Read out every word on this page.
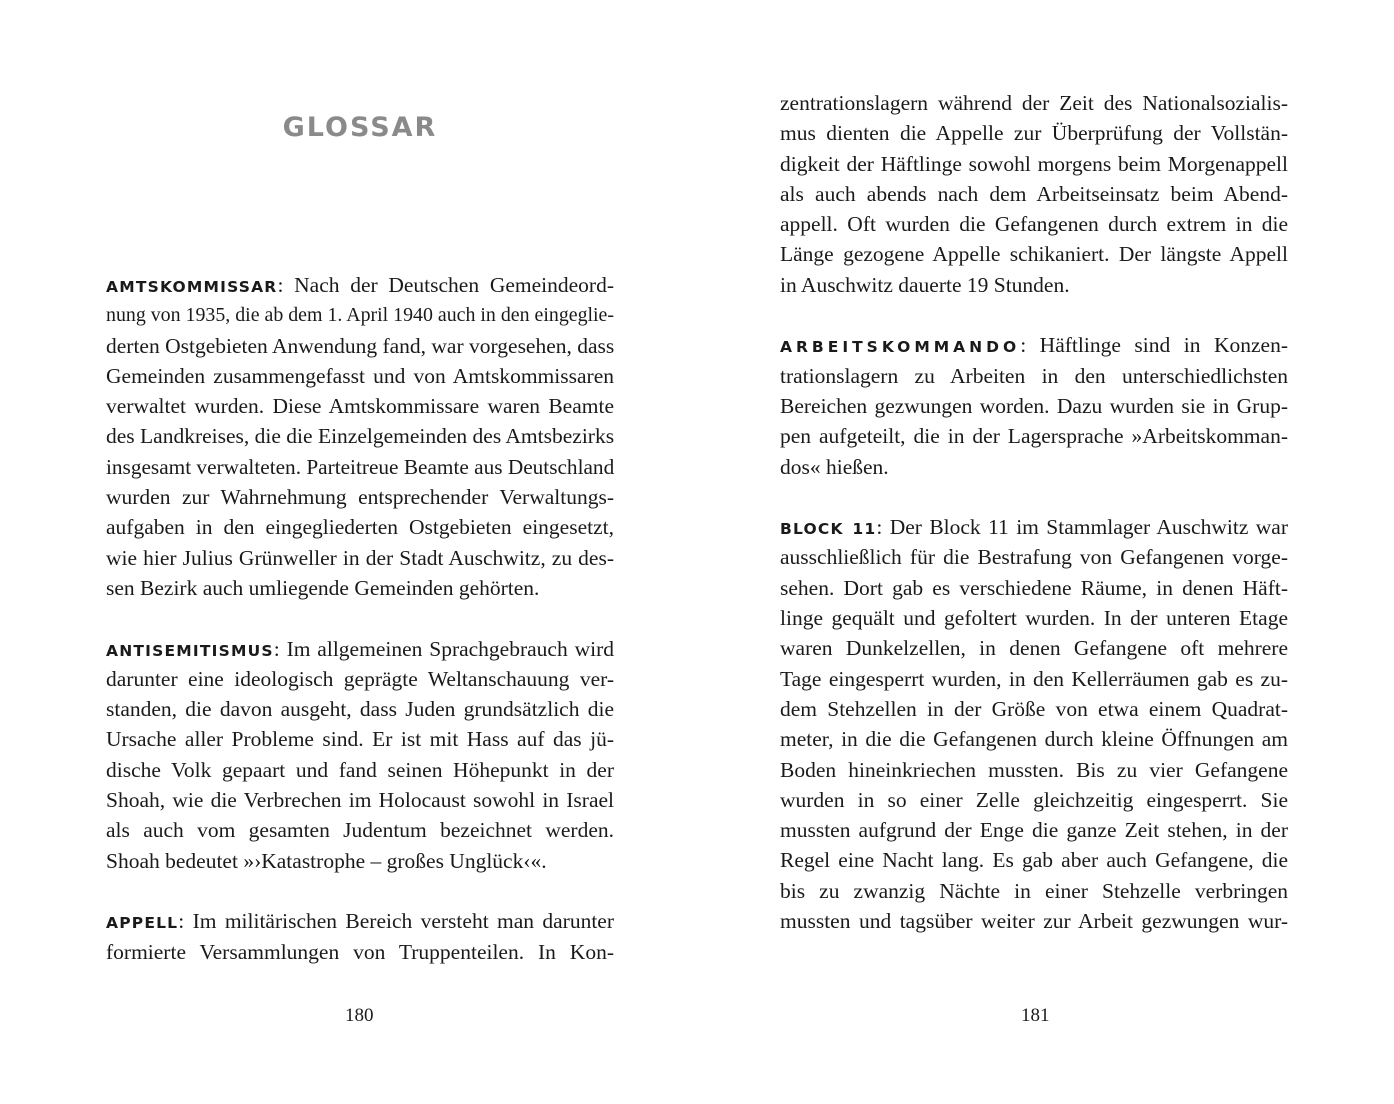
GLOSSAR
AMTSKOMMISSAR: Nach der Deutschen Gemeindeord-
nung von 1935, die ab dem 1. April 1940 auch in den eingeglie-
derten Ostgebieten Anwendung fand, war vorgesehen, dass
Gemeinden zusammengefasst und von Amtskommissaren
verwaltet wurden. Diese Amtskommissare waren Beamte
des Landkreises, die die Einzelgemeinden des Amtsbezirks
insgesamt verwalteten. Parteitreue Beamte aus Deutschland
wurden zur Wahrnehmung entsprechender Verwaltungs-
aufgaben in den eingegliederten Ostgebieten eingesetzt,
wie hier Julius Grünweller in der Stadt Auschwitz, zu des-
sen Bezirk auch umliegende Gemeinden gehörten.
ANTISEMITISMUS: Im allgemeinen Sprachgebrauch wird
darunter eine ideologisch geprägte Weltanschauung ver-
standen, die davon ausgeht, dass Juden grundsätzlich die
Ursache aller Probleme sind. Er ist mit Hass auf das jü-
dische Volk gepaart und fand seinen Höhepunkt in der
Shoah, wie die Verbrechen im Holocaust sowohl in Israel
als auch vom gesamten Judentum bezeichnet werden.
Shoah bedeutet »›Katastrophe – großes Unglück‹«.
APPELL: Im militärischen Bereich versteht man darunter
formierte Versammlungen von Truppenteilen. In Kon-
180
zentrationslagern während der Zeit des Nationalsozialis-
mus dienten die Appelle zur Überprüfung der Vollstän-
digkeit der Häftlinge sowohl morgens beim Morgenappell
als auch abends nach dem Arbeitseinsatz beim Abend-
appell. Oft wurden die Gefangenen durch extrem in die
Länge gezogene Appelle schikaniert. Der längste Appell
in Auschwitz dauerte 19 Stunden.
ARBEITSKOMMANDO: Häftlinge sind in Konzen-
trationslagern zu Arbeiten in den unterschiedlichsten
Bereichen gezwungen worden. Dazu wurden sie in Grup-
pen aufgeteilt, die in der Lagersprache »Arbeitskomman-
dos« hießen.
BLOCK 11: Der Block 11 im Stammlager Auschwitz war
ausschließlich für die Bestrafung von Gefangenen vorge-
sehen. Dort gab es verschiedene Räume, in denen Häft-
linge gequält und gefoltert wurden. In der unteren Etage
waren Dunkelzellen, in denen Gefangene oft mehrere
Tage eingesperrt wurden, in den Kellerräumen gab es zu-
dem Stehzellen in der Größe von etwa einem Quadrat-
meter, in die die Gefangenen durch kleine Öffnungen am
Boden hineinkriechen mussten. Bis zu vier Gefangene
wurden in so einer Zelle gleichzeitig eingesperrt. Sie
mussten aufgrund der Enge die ganze Zeit stehen, in der
Regel eine Nacht lang. Es gab aber auch Gefangene, die
bis zu zwanzig Nächte in einer Stehzelle verbringen
mussten und tagsüber weiter zur Arbeit gezwungen wur-
181
